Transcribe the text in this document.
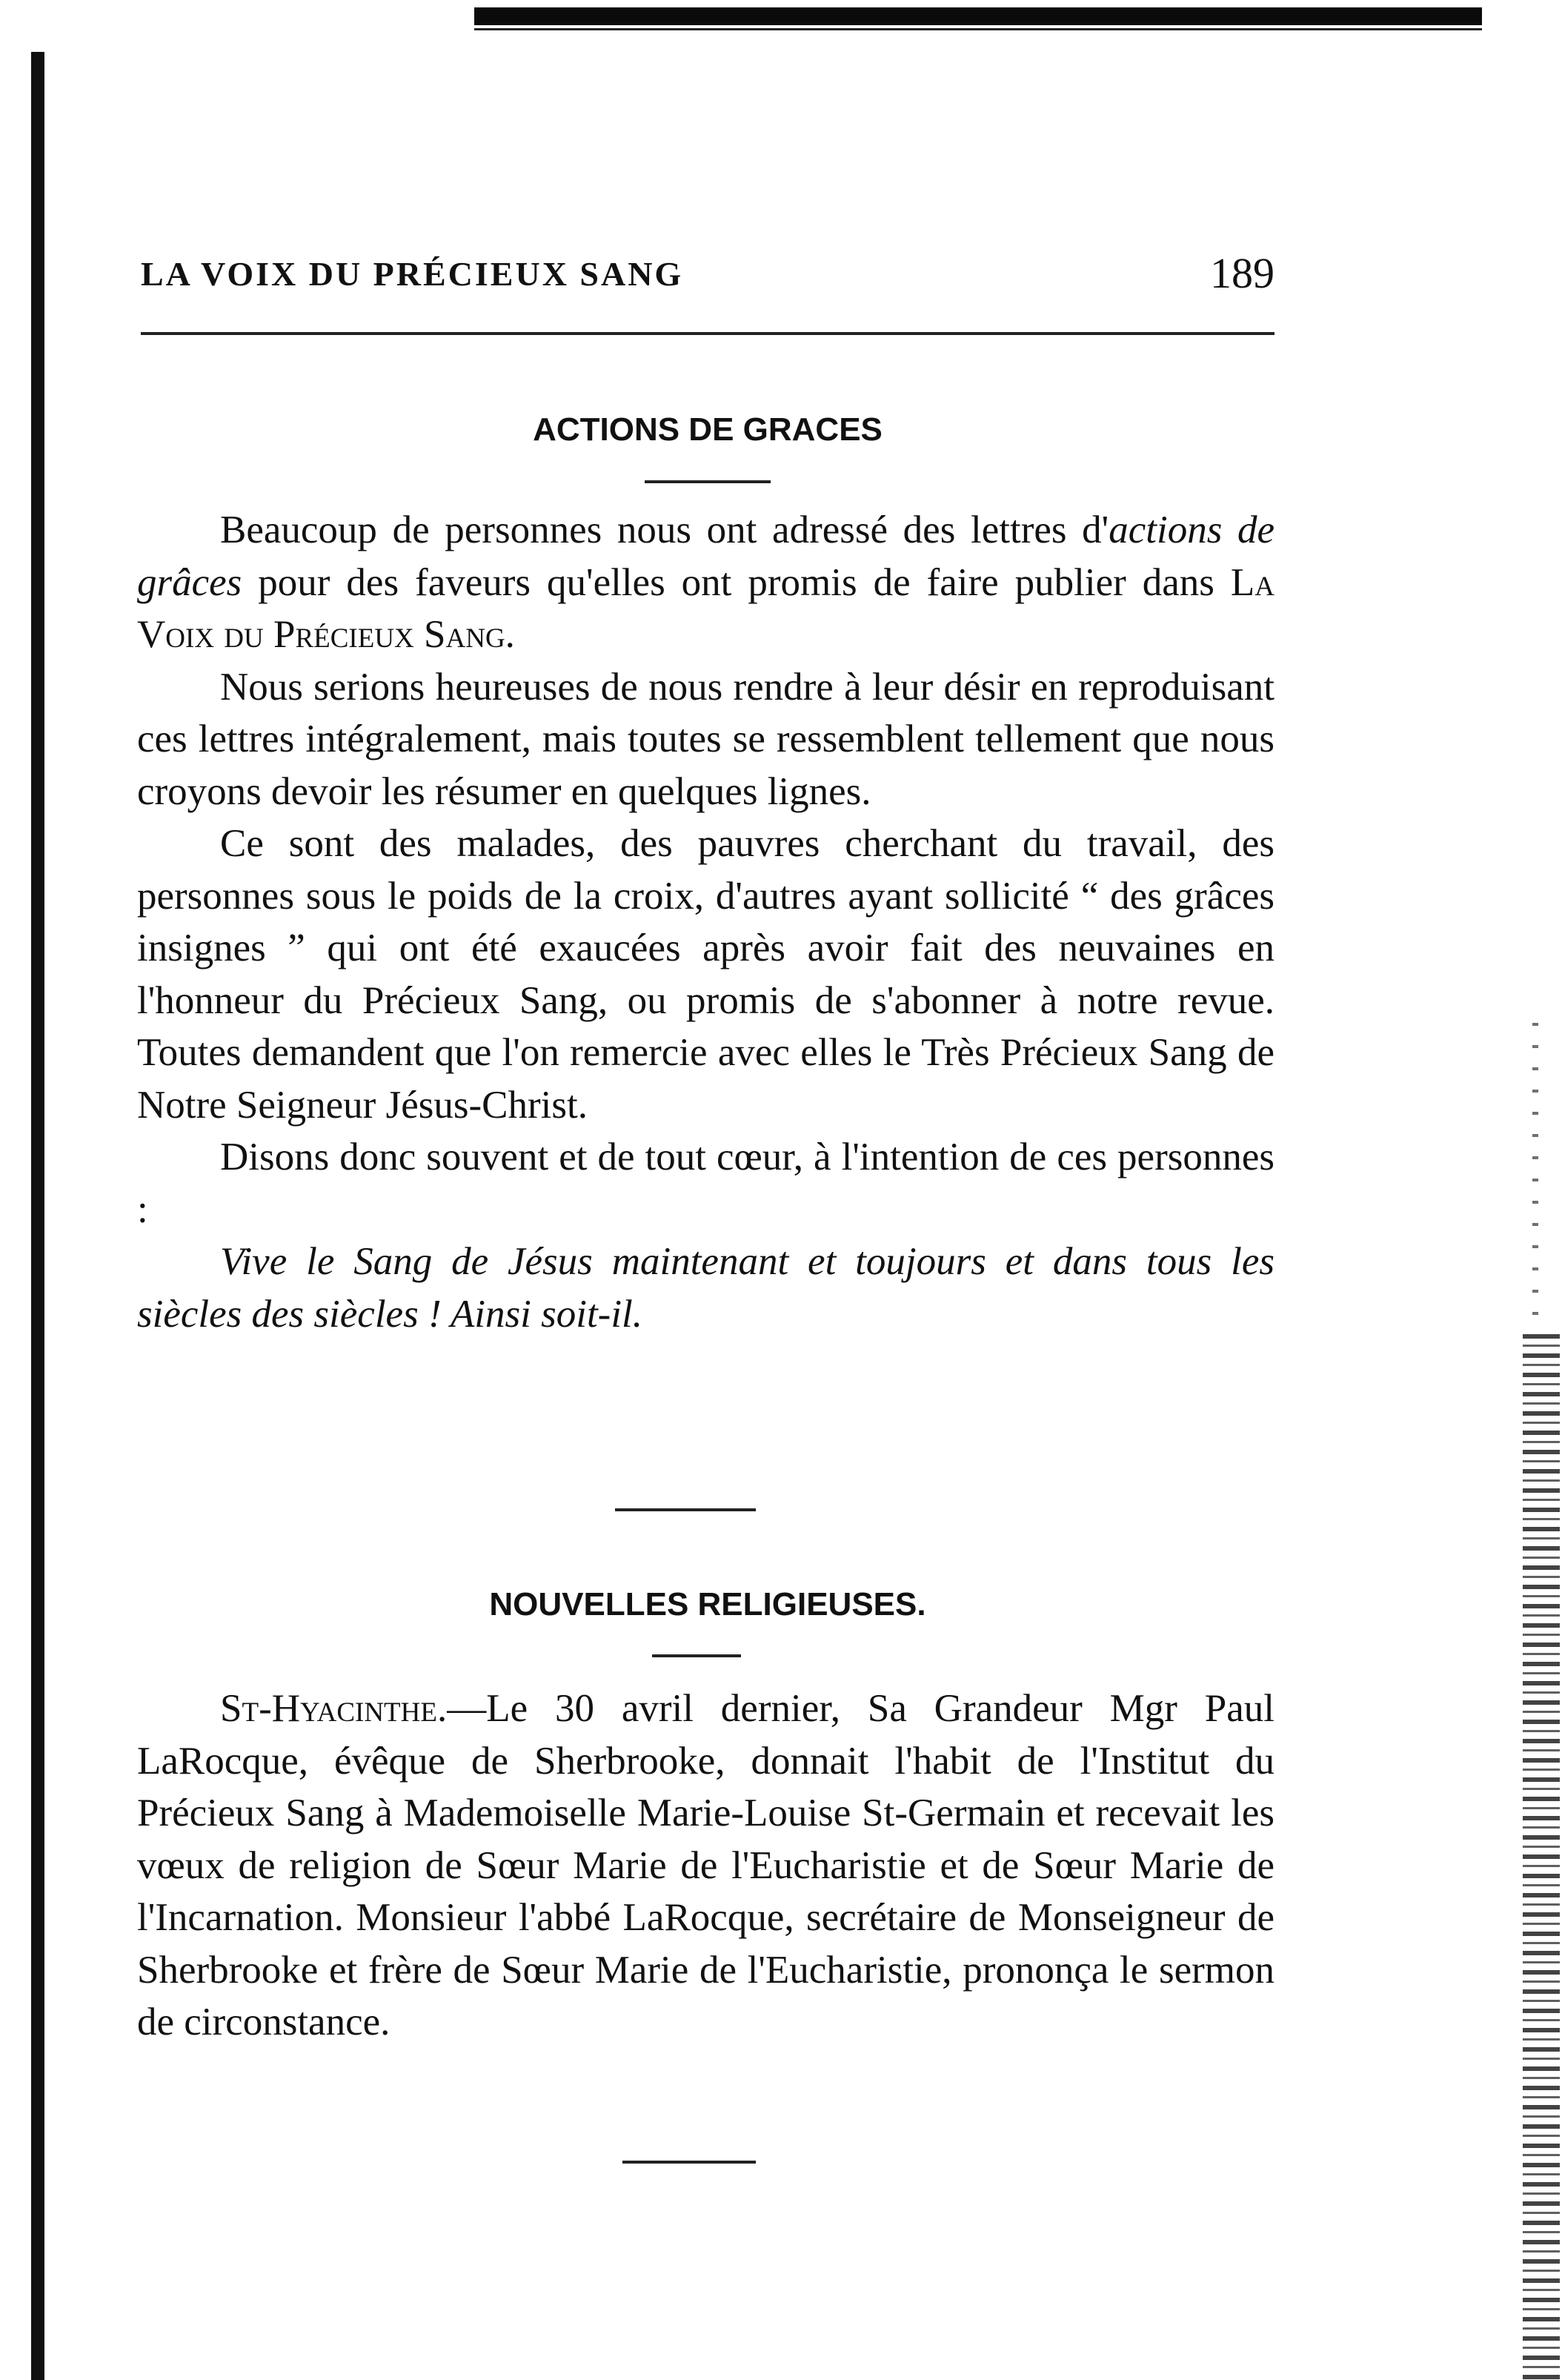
LA VOIX DU PRÉCIEUX SANG	189
ACTIONS DE GRACES

Beaucoup de personnes nous ont adressé des lettres d'actions de grâces pour des faveurs qu'elles ont promis de faire publier dans La Voix du Précieux Sang.

Nous serions heureuses de nous rendre à leur désir en reproduisant ces lettres intégralement, mais toutes se ressemblent tellement que nous croyons devoir les résumer en quelques lignes.

Ce sont des malades, des pauvres cherchant du travail, des personnes sous le poids de la croix, d'autres ayant sollicité “ des grâces insignes ” qui ont été exaucées après avoir fait des neuvaines en l'honneur du Précieux Sang, ou promis de s'abonner à notre revue. Toutes demandent que l'on remercie avec elles le Très Précieux Sang de Notre Seigneur Jésus-Christ.

Disons donc souvent et de tout cœur, à l'intention de ces personnes :

Vive le Sang de Jésus maintenant et toujours et dans tous les siècles des siècles ! Ainsi soit-il.

NOUVELLES RELIGIEUSES.

St-Hyacinthe.—Le 30 avril dernier, Sa Grandeur Mgr Paul LaRocque, évêque de Sherbrooke, donnait l'habit de l'Institut du Précieux Sang à Mademoiselle Marie-Louise St-Germain et recevait les vœux de religion de Sœur Marie de l'Eucharistie et de Sœur Marie de l'Incarnation. Monsieur l'abbé LaRocque, secrétaire de Monseigneur de Sherbrooke et frère de Sœur Marie de l'Eucharistie, prononça le sermon de circonstance.
